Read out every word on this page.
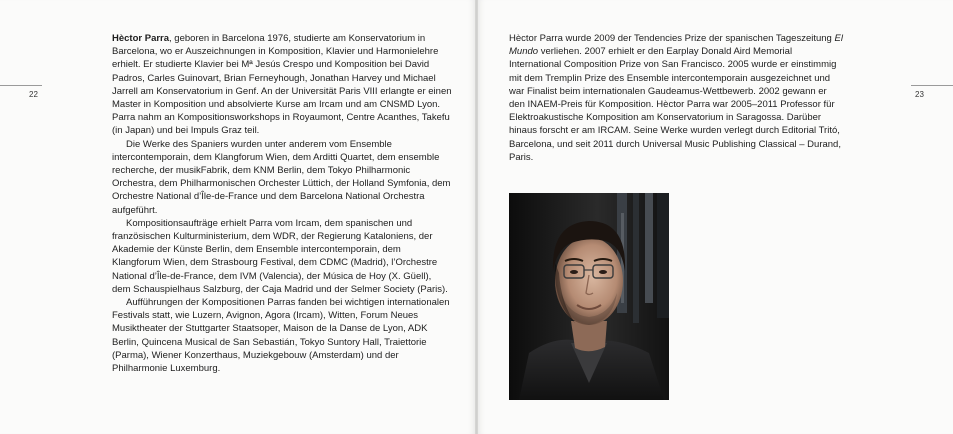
22	23

Hèctor Parra, geboren in Barcelona 1976, studierte am Konservatorium in Barcelona, wo er Auszeichnungen in Komposition, Klavier und Harmonielehre erhielt. Er studierte Klavier bei Mª Jesús Crespo und Komposition bei David Padros, Carles Guinovart, Brian Ferneyhough, Jonathan Harvey und Michael Jarrell am Konservatorium in Genf. An der Universität Paris VIII erlangte er einen Master in Komposition und absolvierte Kurse am Ircam und am CNSMD Lyon. Parra nahm an Kompositionsworkshops in Royaumont, Centre Acanthes, Takefu (in Japan) und bei Impuls Graz teil.

Die Werke des Spaniers wurden unter anderem vom Ensemble intercontemporain, dem Klangforum Wien, dem Arditti Quartet, dem ensemble recherche, der musikFabrik, dem KNM Berlin, dem Tokyo Philharmonic Orchestra, dem Philharmonischen Orchester Lüttich, der Holland Symfonia, dem Orchestre National d’Île-de-France und dem Barcelona National Orchestra aufgeführt.

Kompositionsaufträge erhielt Parra vom Ircam, dem spanischen und französischen Kulturministerium, dem WDR, der Regierung Kataloniens, der Akademie der Künste Berlin, dem Ensemble intercontemporain, dem Klangforum Wien, dem Strasbourg Festival, dem CDMC (Madrid), l’Orchestre National d’Île-de-France, dem IVM (Valencia), der Música de Hoy (X. Güell), dem Schauspielhaus Salzburg, der Caja Madrid und der Selmer Society (Paris).

Aufführungen der Kompositionen Parras fanden bei wichtigen internationalen Festivals statt, wie Luzern, Avignon, Agora (Ircam), Witten, Forum Neues Musiktheater der Stuttgarter Staatsoper, Maison de la Danse de Lyon, ADK Berlin, Quincena Musical de San Sebastián, Tokyo Suntory Hall, Traiettorie (Parma), Wiener Konzerthaus, Muziekgebouw (Amsterdam) und der Philharmonie Luxemburg.

Hèctor Parra wurde 2009 der Tendencies Prize der spanischen Tageszeitung El Mundo verliehen. 2007 erhielt er den Earplay Donald Aird Memorial International Composition Prize von San Francisco. 2005 wurde er einstimmig mit dem Tremplin Prize des Ensemble intercontemporain ausgezeichnet und war Finalist beim internationalen Gaudeamus-Wettbewerb. 2002 gewann er den INAEM-Preis für Komposition. Hèctor Parra war 2005–2011 Professor für Elektroakustische Komposition am Konservatorium in Saragossa. Darüber hinaus forscht er am IRCAM. Seine Werke wurden verlegt durch Editorial Tritó, Barcelona, und seit 2011 durch Universal Music Publishing Classical – Durand, Paris.
